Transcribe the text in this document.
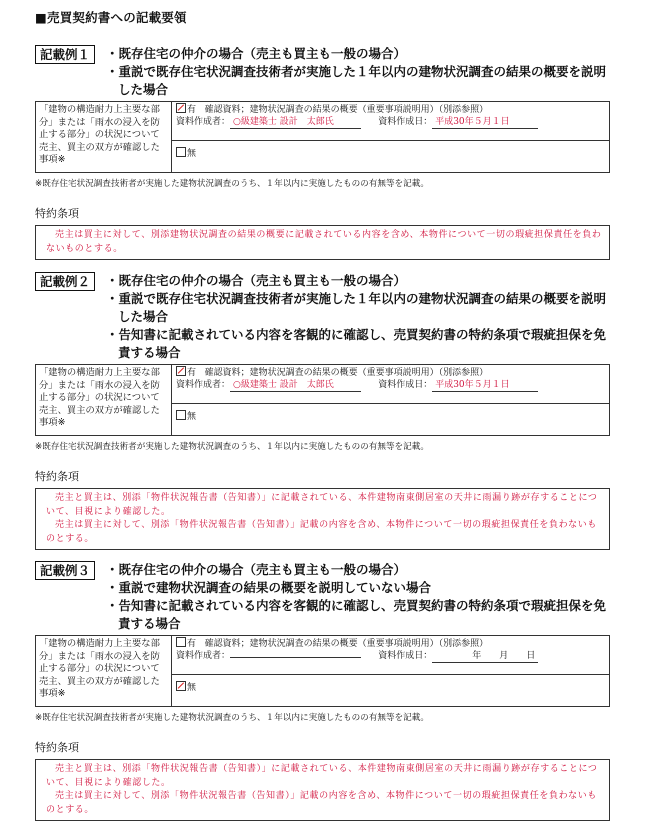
■売買契約書への記載要領
記載例１	・既存住宅の仲介の場合（売主も買主も一般の場合）
・重説で既存住宅状況調査技術者が実施した１年以内の建物状況調査の結果の概要を説明した場合
「建物の構造耐力上主要な部分」または「雨水の浸入を防止する部分」の状況について売主、買主の双方が確認した事項※	有 確認資料；建物状況調査の結果の概要（重要事項説明用）（別添参照）
資料作成者： ○級建築士 設計　太郎氏	資料作成日： 平成30年５月１日
無
※既存住宅状況調査技術者が実施した建物状況調査のうち、１年以内に実施したものの有無等を記載。
特約条項

売主は買主に対して、別添建物状況調査の結果の概要に記載されている内容を含め、本物件について一切の瑕疵担保責任を負わないものとする。

記載例２	・既存住宅の仲介の場合（売主も買主も一般の場合）
・重説で既存住宅状況調査技術者が実施した１年以内の建物状況調査の結果の概要を説明した場合
・告知書に記載されている内容を客観的に確認し、売買契約書の特約条項で瑕疵担保を免責する場合
「建物の構造耐力上主要な部分」または「雨水の浸入を防止する部分」の状況について売主、買主の双方が確認した事項※	有 確認資料；建物状況調査の結果の概要（重要事項説明用）（別添参照）
資料作成者： ○級建築士 設計　太郎氏	資料作成日： 平成30年５月１日
無
※既存住宅状況調査技術者が実施した建物状況調査のうち、１年以内に実施したものの有無等を記載。
特約条項

売主と買主は、別添「物件状況報告書（告知書）」に記載されている、本件建物南東側居室の天井に雨漏り跡が存することについて、目視により確認した。

売主は買主に対して、別添「物件状況報告書（告知書）」記載の内容を含め、本物件について一切の瑕疵担保責任を負わないものとする。

記載例３	・既存住宅の仲介の場合（売主も買主も一般の場合）
・重説で建物状況調査の結果の概要を説明していない場合
・告知書に記載されている内容を客観的に確認し、売買契約書の特約条項で瑕疵担保を免責する場合
「建物の構造耐力上主要な部分」または「雨水の浸入を防止する部分」の状況について売主、買主の双方が確認した事項※	有 確認資料；建物状況調査の結果の概要（重要事項説明用）（別添参照）
資料作成者：	資料作成日：	年　　月　　日
無
※既存住宅状況調査技術者が実施した建物状況調査のうち、１年以内に実施したものの有無等を記載。
特約条項

売主と買主は、別添「物件状況報告書（告知書）」に記載されている、本件建物南東側居室の天井に雨漏り跡が存することについて、目視により確認した。

売主は買主に対して、別添「物件状況報告書（告知書）」記載の内容を含め、本物件について一切の瑕疵担保責任を負わないものとする。
